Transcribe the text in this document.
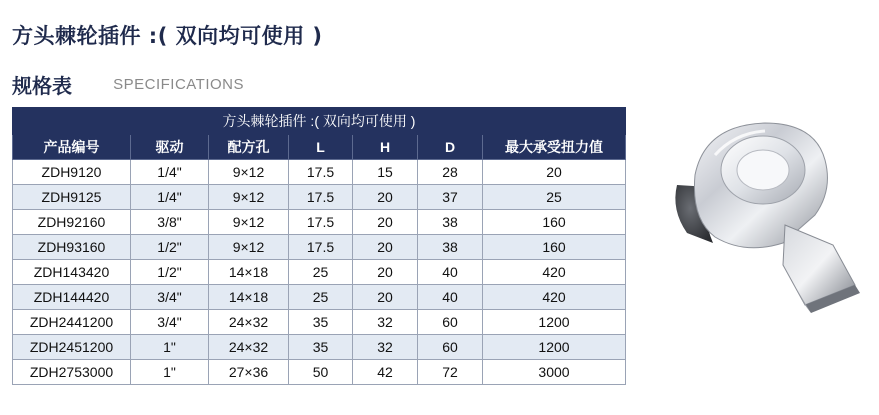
方头棘轮插件 :( 双向均可使用 )
规格表	SPECIFICATIONS
方头棘轮插件 :( 双向均可使用 )						
产品编号	驱动	配方孔	L	H	D	最大承受扭力值
ZDH9120	1/4"	9×12	17.5	15	28	20
ZDH9125	1/4"	9×12	17.5	20	37	25
ZDH92160	3/8"	9×12	17.5	20	38	160
ZDH93160	1/2"	9×12	17.5	20	38	160
ZDH143420	1/2"	14×18	25	20	40	420
ZDH144420	3/4"	14×18	25	20	40	420
ZDH2441200	3/4"	24×32	35	32	60	1200
ZDH2451200	1"	24×32	35	32	60	1200
ZDH2753000	1"	27×36	50	42	72	3000
